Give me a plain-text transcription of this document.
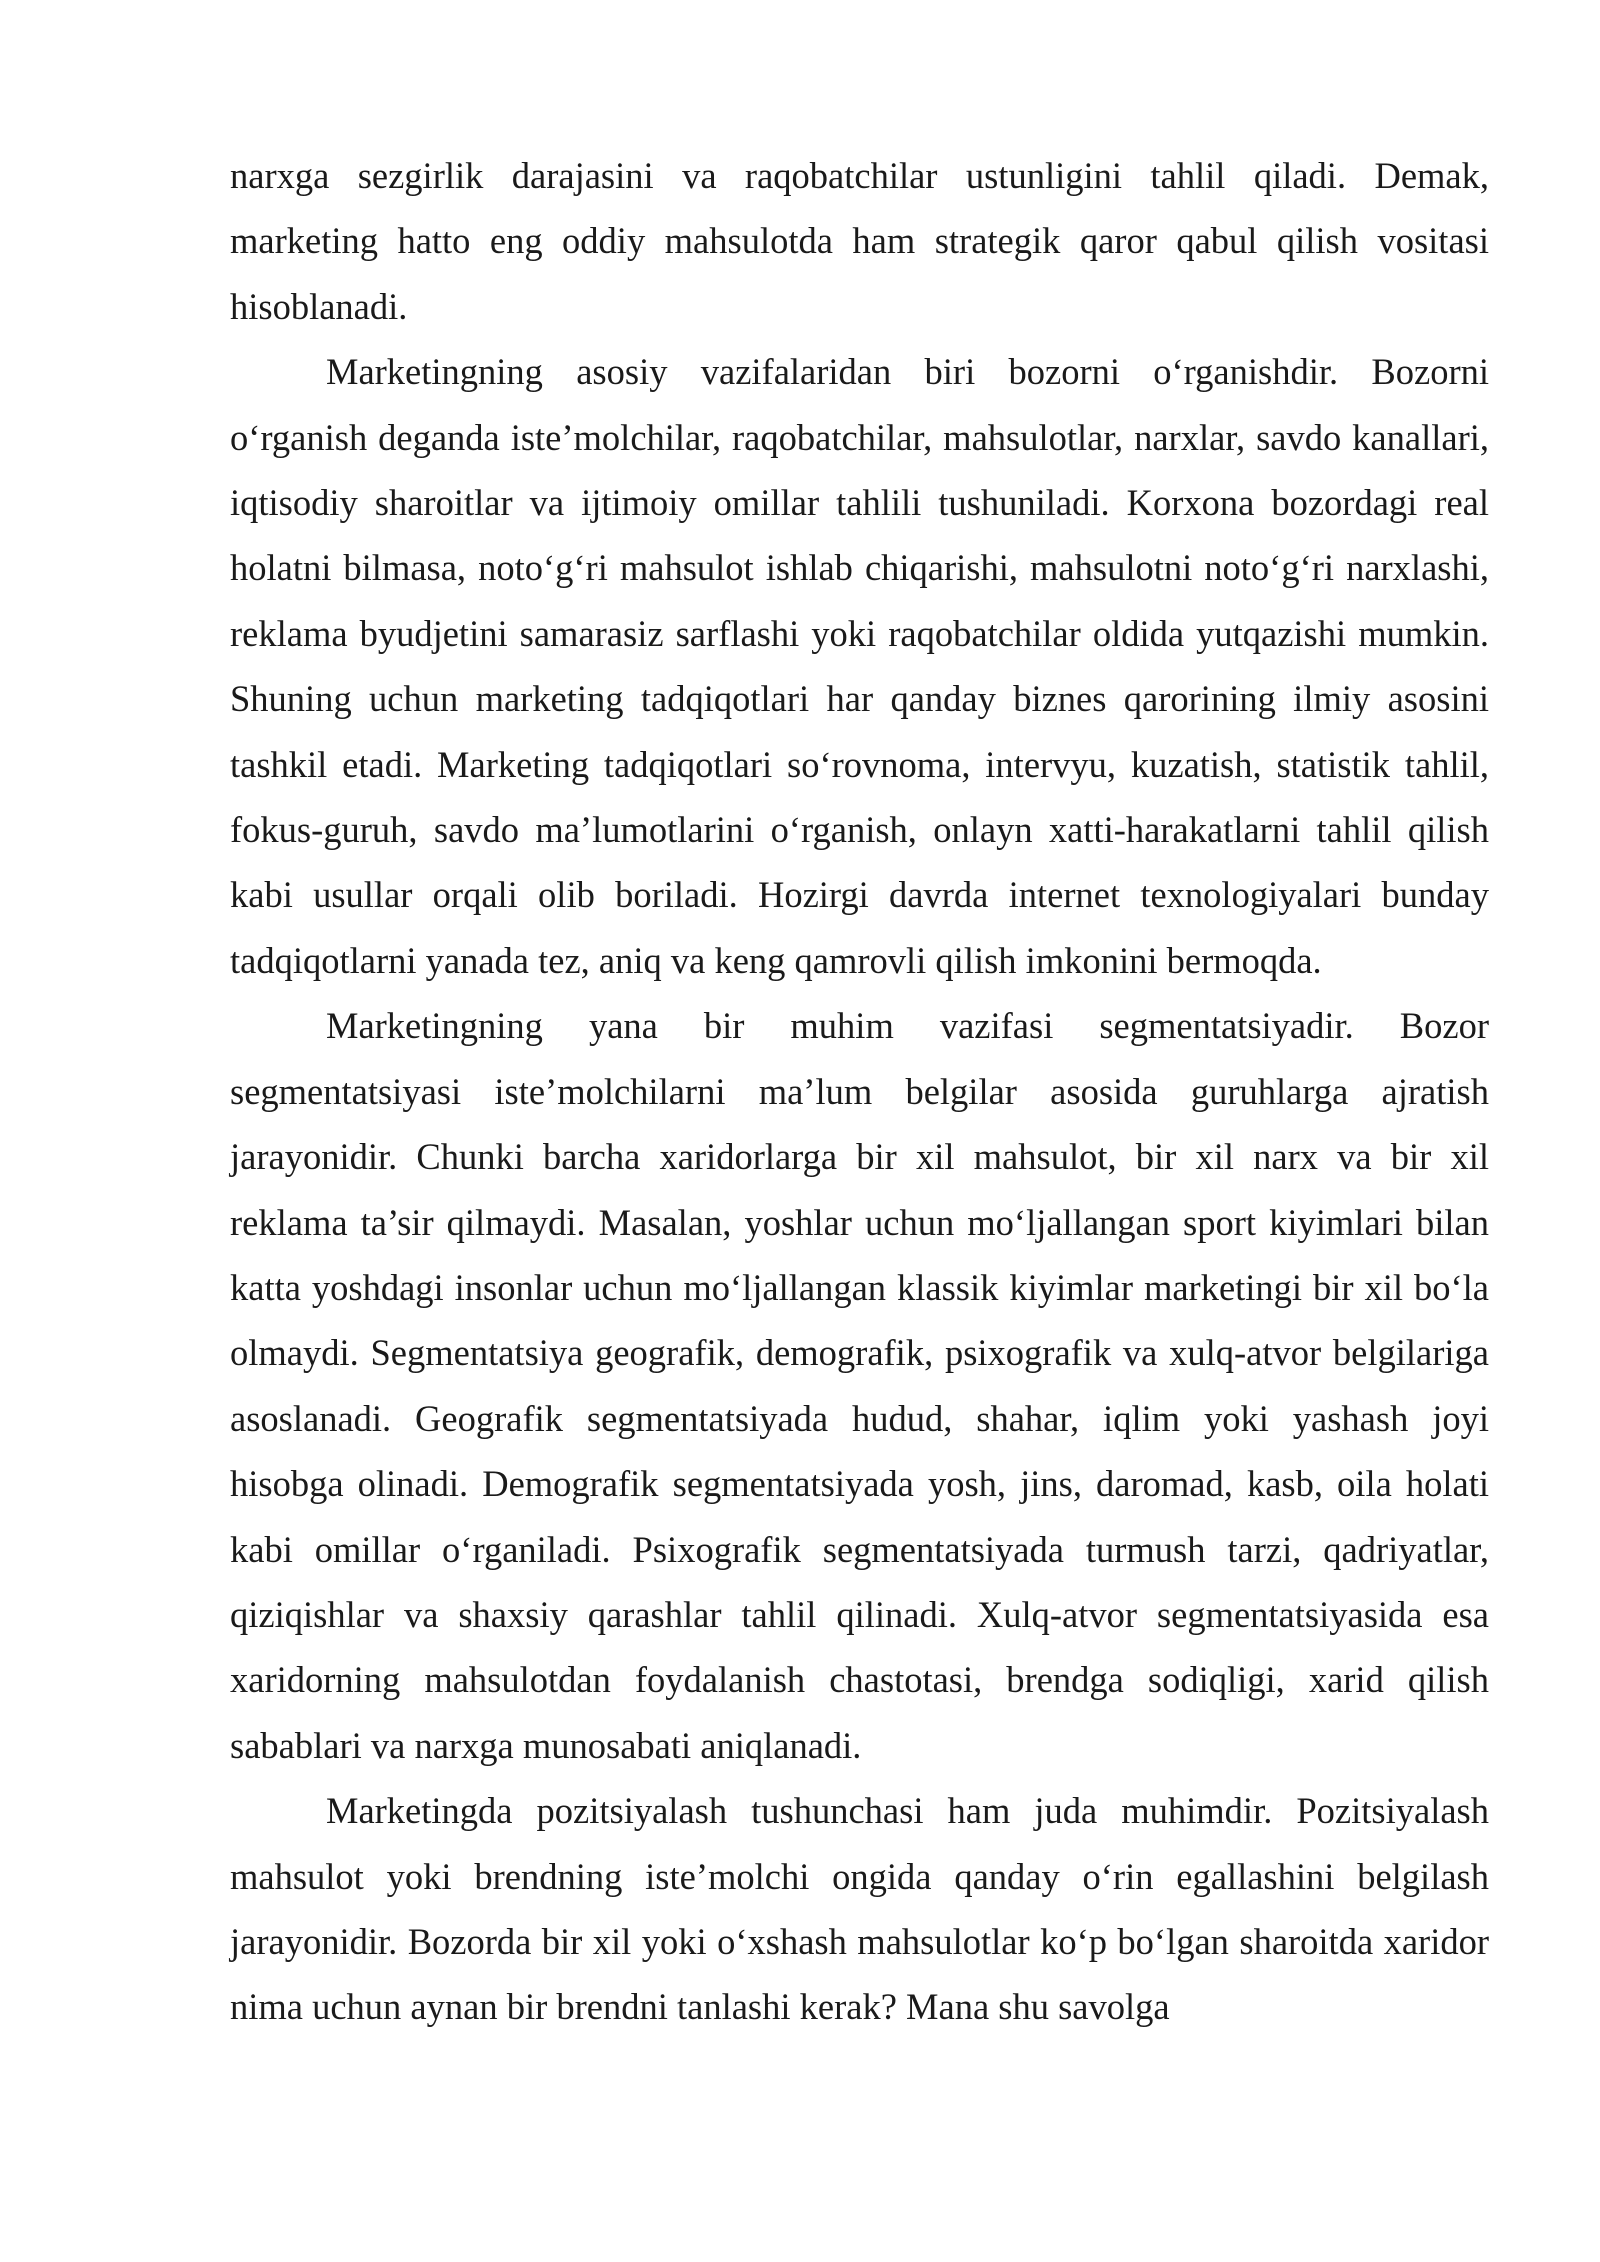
narxga sezgirlik darajasini va raqobatchilar ustunligini tahlil qiladi. Demak, marketing hatto eng oddiy mahsulotda ham strategik qaror qabul qilish vositasi hisoblanadi.

Marketingning asosiy vazifalaridan biri bozorni o‘rganishdir. Bozorni o‘rganish deganda iste’molchilar, raqobatchilar, mahsulotlar, narxlar, savdo kanallari, iqtisodiy sharoitlar va ijtimoiy omillar tahlili tushuniladi. Korxona bozordagi real holatni bilmasa, noto‘g‘ri mahsulot ishlab chiqarishi, mahsulotni noto‘g‘ri narxlashi, reklama byudjetini samarasiz sarflashi yoki raqobatchilar oldida yutqazishi mumkin. Shuning uchun marketing tadqiqotlari har qanday biznes qarorining ilmiy asosini tashkil etadi. Marketing tadqiqotlari so‘rovnoma, intervyu, kuzatish, statistik tahlil, fokus-guruh, savdo ma’lumotlarini o‘rganish, onlayn xatti-harakatlarni tahlil qilish kabi usullar orqali olib boriladi. Hozirgi davrda internet texnologiyalari bunday tadqiqotlarni yanada tez, aniq va keng qamrovli qilish imkonini bermoqda.

Marketingning yana bir muhim vazifasi segmentatsiyadir. Bozor segmentatsiyasi iste’molchilarni ma’lum belgilar asosida guruhlarga ajratish jarayonidir. Chunki barcha xaridorlarga bir xil mahsulot, bir xil narx va bir xil reklama ta’sir qilmaydi. Masalan, yoshlar uchun mo‘ljallangan sport kiyimlari bilan katta yoshdagi insonlar uchun mo‘ljallangan klassik kiyimlar marketingi bir xil bo‘la olmaydi. Segmentatsiya geografik, demografik, psixografik va xulq-atvor belgilariga asoslanadi. Geografik segmentatsiyada hudud, shahar, iqlim yoki yashash joyi hisobga olinadi. Demografik segmentatsiyada yosh, jins, daromad, kasb, oila holati kabi omillar o‘rganiladi. Psixografik segmentatsiyada turmush tarzi, qadriyatlar, qiziqishlar va shaxsiy qarashlar tahlil qilinadi. Xulq-atvor segmentatsiyasida esa xaridorning mahsulotdan foydalanish chastotasi, brendga sodiqligi, xarid qilish sabablari va narxga munosabati aniqlanadi.

Marketingda pozitsiyalash tushunchasi ham juda muhimdir. Pozitsiyalash mahsulot yoki brendning iste’molchi ongida qanday o‘rin egallashini belgilash jarayonidir. Bozorda bir xil yoki o‘xshash mahsulotlar ko‘p bo‘lgan sharoitda xaridor nima uchun aynan bir brendni tanlashi kerak? Mana shu savolga
